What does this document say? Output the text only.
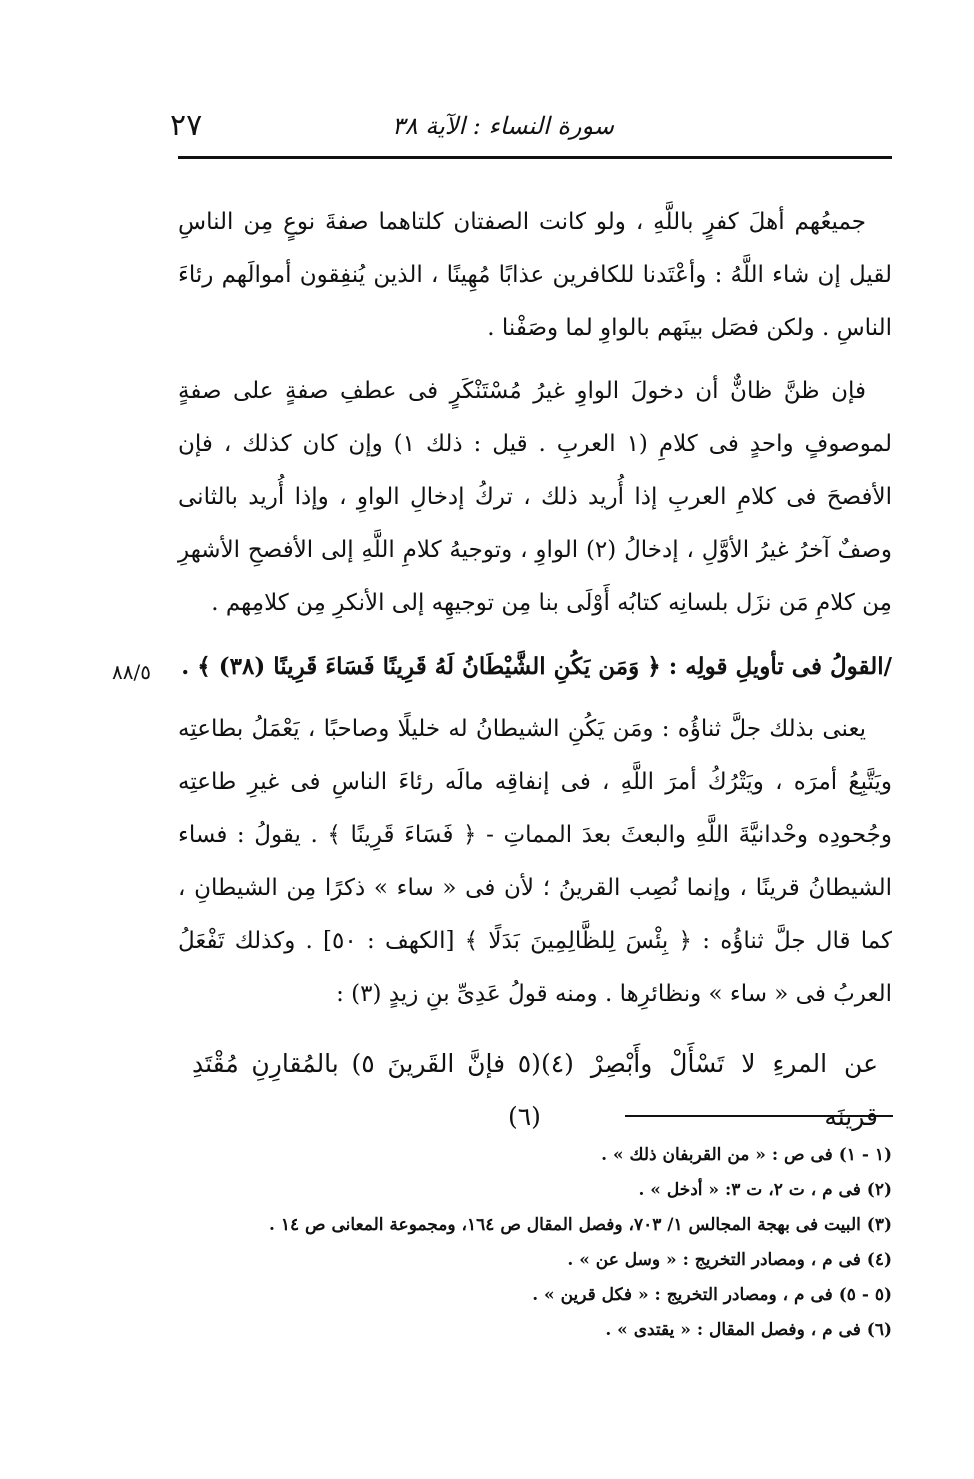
٢٧	سورة النساء : الآية ٣٨
٨٨/٥

جميعُهم أهلَ كفرٍ باللَّهِ ، ولو كانت الصفتان كلتاهما صفةَ نوعٍ مِن الناسِ لقيل إن شاء اللَّهُ : وأعْتَدنا للكافرين عذابًا مُهِينًا ، الذين يُنفِقون أموالَهم رئاءَ الناسِ . ولكن فصَل بينَهم بالواوِ لما وصَفْنا .

فإن ظنَّ ظانٌّ أن دخولَ الواوِ غيرُ مُسْتَنْكَرٍ فى عطفِ صفةٍ على صفةٍ لموصوفٍ واحدٍ فى كلامِ (١ العربِ . قيل : ذلك ١) وإن كان كذلك ، فإن الأفصحَ فى كلامِ العربِ إذا أُريد ذلك ، تركُ إدخالِ الواوِ ، وإذا أُريد بالثانى وصفٌ آخرُ غيرُ الأوَّلِ ، إدخالُ (٢) الواوِ ، وتوجيهُ كلامِ اللَّهِ إلى الأفصحِ الأشهرِ مِن كلامِ مَن نزَل بلسانِه كتابُه أَوْلَى بنا مِن توجيهِه إلى الأنكرِ مِن كلامِهم .

/القولُ فى تأويلِ قولِه : ﴿ وَمَن يَكُنِ الشَّيْطَانُ لَهُ قَرِينًا فَسَاءَ قَرِينًا (٣٨) ﴾ .

يعنى بذلك جلَّ ثناؤُه : ومَن يَكُنِ الشيطانُ له خليلًا وصاحبًا ، يَعْمَلُ بطاعتِه ويَتَّبِعُ أمرَه ، ويَتْرُكُ أمرَ اللَّهِ ، فى إنفاقِه مالَه رئاءَ الناسِ فى غيرِ طاعتِه وجُحودِه وحْدانيَّةَ اللَّهِ والبعثَ بعدَ المماتِ - ﴿ فَسَاءَ قَرِينًا ﴾ . يقولُ : فساء الشيطانُ قرينًا ، وإنما نُصِب القرينُ ؛ لأن فى « ساء » ذكرًا مِن الشيطانِ ، كما قال جلَّ ثناؤُه : ﴿ بِئْسَ لِلظَّالِمِينَ بَدَلًا ﴾ [الكهف : ٥٠] . وكذلك تَفْعَلُ العربُ فى « ساء » ونظائرِها . ومنه قولُ عَدِىِّ بنِ زيدٍ (٣) :

عن المرءِ لا تَسْأَلْ وأَبْصِرْ (٤) قرينَه
(٥ فإنَّ القَرينَ ٥) بالمُقارِنِ مُقْتَدِ (٦)
(١ - ١) فى ص : « من القربفان ذلك » .
(٢) فى م ، ت ٢، ت ٣: « أدخل » .
(٣) البيت فى بهجة المجالس ١/ ٧٠٣، وفصل المقال ص ١٦٤، ومجموعة المعانى ص ١٤ .
(٤) فى م ، ومصادر التخريج : « وسل عن » .
(٥ - ٥) فى م ، ومصادر التخريج : « فكل قرين » .
(٦) فى م ، وفصل المقال : « يقتدى » .
